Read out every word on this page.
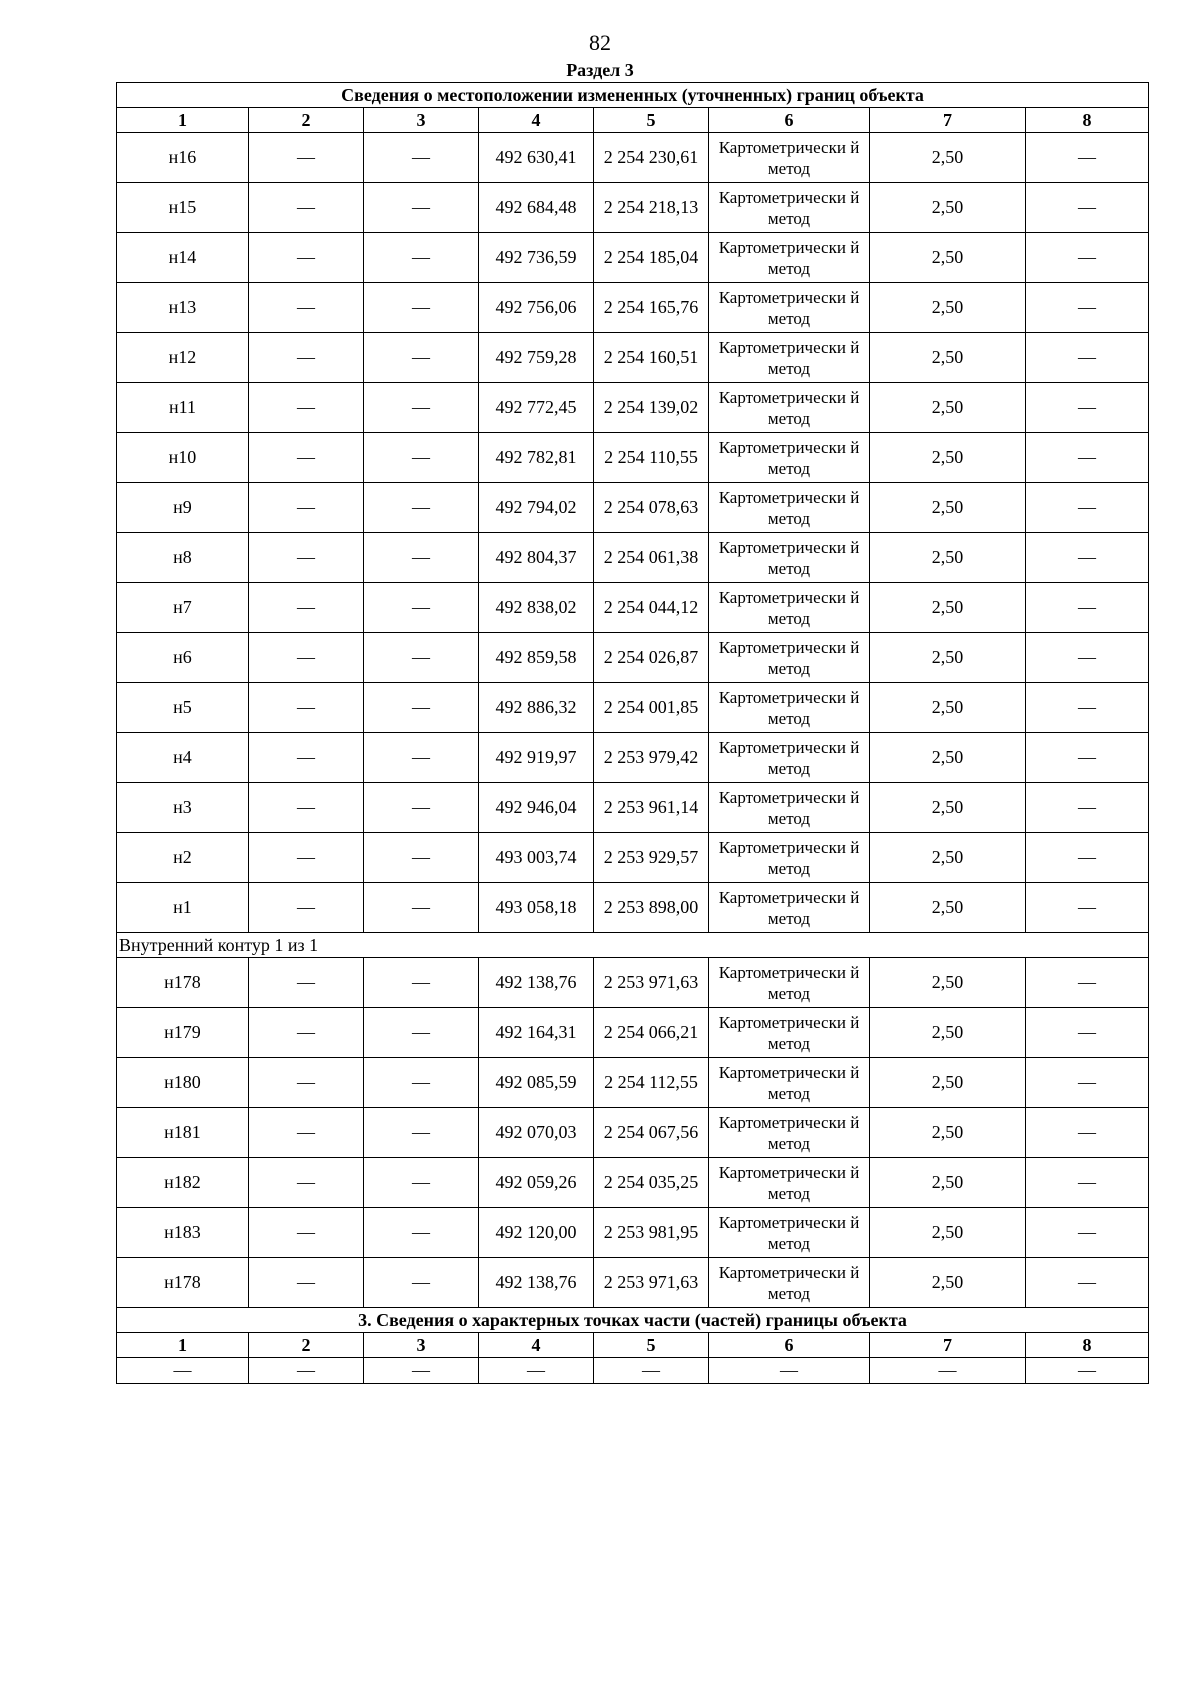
82
Раздел 3
Сведения о местоположении измененных (уточненных) границ объекта							
1	2	3	4	5	6	7	8
н16	—	—	492 630,41	2 254 230,61	Картометрически й метод	2,50	—
н15	—	—	492 684,48	2 254 218,13	Картометрически й метод	2,50	—
н14	—	—	492 736,59	2 254 185,04	Картометрически й метод	2,50	—
н13	—	—	492 756,06	2 254 165,76	Картометрически й метод	2,50	—
н12	—	—	492 759,28	2 254 160,51	Картометрически й метод	2,50	—
н11	—	—	492 772,45	2 254 139,02	Картометрически й метод	2,50	—
н10	—	—	492 782,81	2 254 110,55	Картометрически й метод	2,50	—
н9	—	—	492 794,02	2 254 078,63	Картометрически й метод	2,50	—
н8	—	—	492 804,37	2 254 061,38	Картометрически й метод	2,50	—
н7	—	—	492 838,02	2 254 044,12	Картометрически й метод	2,50	—
н6	—	—	492 859,58	2 254 026,87	Картометрически й метод	2,50	—
н5	—	—	492 886,32	2 254 001,85	Картометрически й метод	2,50	—
н4	—	—	492 919,97	2 253 979,42	Картометрически й метод	2,50	—
н3	—	—	492 946,04	2 253 961,14	Картометрически й метод	2,50	—
н2	—	—	493 003,74	2 253 929,57	Картометрически й метод	2,50	—
н1	—	—	493 058,18	2 253 898,00	Картометрически й метод	2,50	—
Внутренний контур 1 из 1							
н178	—	—	492 138,76	2 253 971,63	Картометрически й метод	2,50	—
н179	—	—	492 164,31	2 254 066,21	Картометрически й метод	2,50	—
н180	—	—	492 085,59	2 254 112,55	Картометрически й метод	2,50	—
н181	—	—	492 070,03	2 254 067,56	Картометрически й метод	2,50	—
н182	—	—	492 059,26	2 254 035,25	Картометрически й метод	2,50	—
н183	—	—	492 120,00	2 253 981,95	Картометрически й метод	2,50	—
н178	—	—	492 138,76	2 253 971,63	Картометрически й метод	2,50	—
3. Сведения о характерных точках части (частей) границы объекта							
1	2	3	4	5	6	7	8
—	—	—	—	—	—	—	—
